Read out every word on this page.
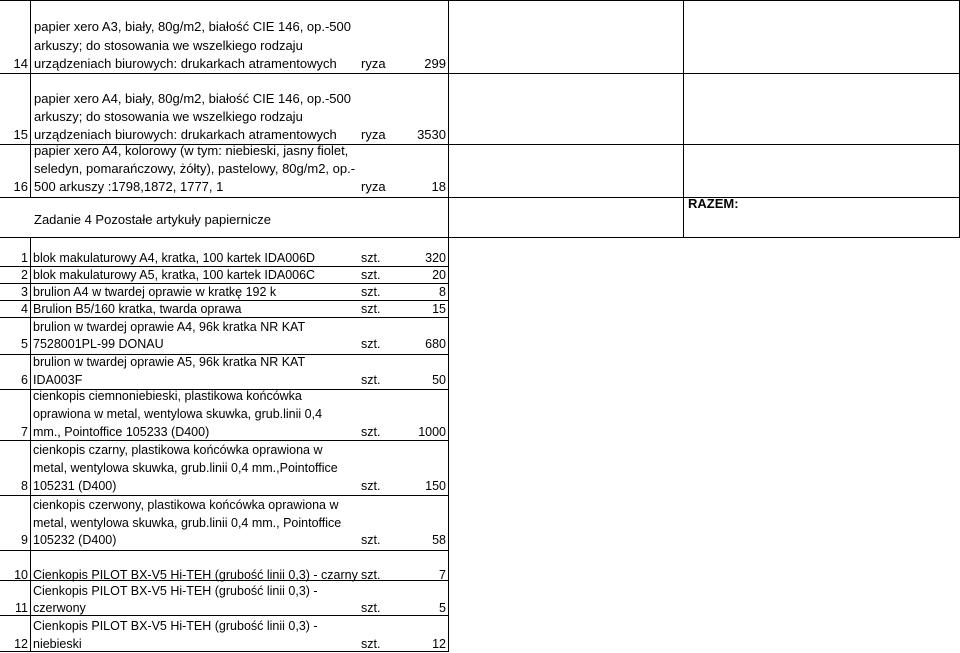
papier xero A3, biały, 80g/m2, białość CIE 146, op.-500
arkuszy; do stosowania we wszelkiego rodzaju
urządzeniach biurowych: drukarkach atramentowych
14	ryza	299
papier xero A4, biały, 80g/m2, białość CIE 146, op.-500
arkuszy; do stosowania we wszelkiego rodzaju
urządzeniach biurowych: drukarkach atramentowych
15	ryza	3530
papier xero A4, kolorowy (w tym: niebieski, jasny fiolet,
seledyn, pomarańczowy, żółty), pastelowy, 80g/m2, op.-
500 arkuszy :1798,1872, 1777, 1
16	ryza	18
Zadanie 4 Pozostałe artykuły papiernicze
RAZEM:
1 blok makulaturowy A4, kratka, 100 kartek IDA006D	szt.	320
2 blok makulaturowy A5, kratka, 100 kartek IDA006C	szt.	20
3 brulion A4 w twardej oprawie w kratkę 192 k	szt.	8
4 Brulion B5/160 kratka, twarda oprawa	szt.	15
brulion w twardej oprawie A4, 96k kratka NR KAT
7528001PL-99 DONAU
5	szt.	680
brulion w twardej oprawie A5, 96k kratka NR KAT
IDA003F
6	szt.	50
cienkopis ciemnoniebieski, plastikowa końcówka
oprawiona w metal, wentylowa skuwka, grub.linii 0,4
mm., Pointoffice 105233 (D400)
7	szt.	1000
cienkopis czarny, plastikowa końcówka oprawiona w
metal, wentylowa skuwka, grub.linii 0,4 mm.,Pointoffice
105231 (D400)
8	szt.	150
cienkopis czerwony, plastikowa końcówka oprawiona w
metal, wentylowa skuwka, grub.linii 0,4 mm., Pointoffice
105232 (D400)
9	szt.	58
10 Cienkopis PILOT BX-V5 Hi-TEH (grubość linii 0,3) - czarny szt.	7
Cienkopis PILOT BX-V5 Hi-TEH (grubość linii 0,3) -
czerwony
11	szt.	5
Cienkopis PILOT BX-V5 Hi-TEH (grubość linii 0,3) -
niebieski
12	szt.	12
